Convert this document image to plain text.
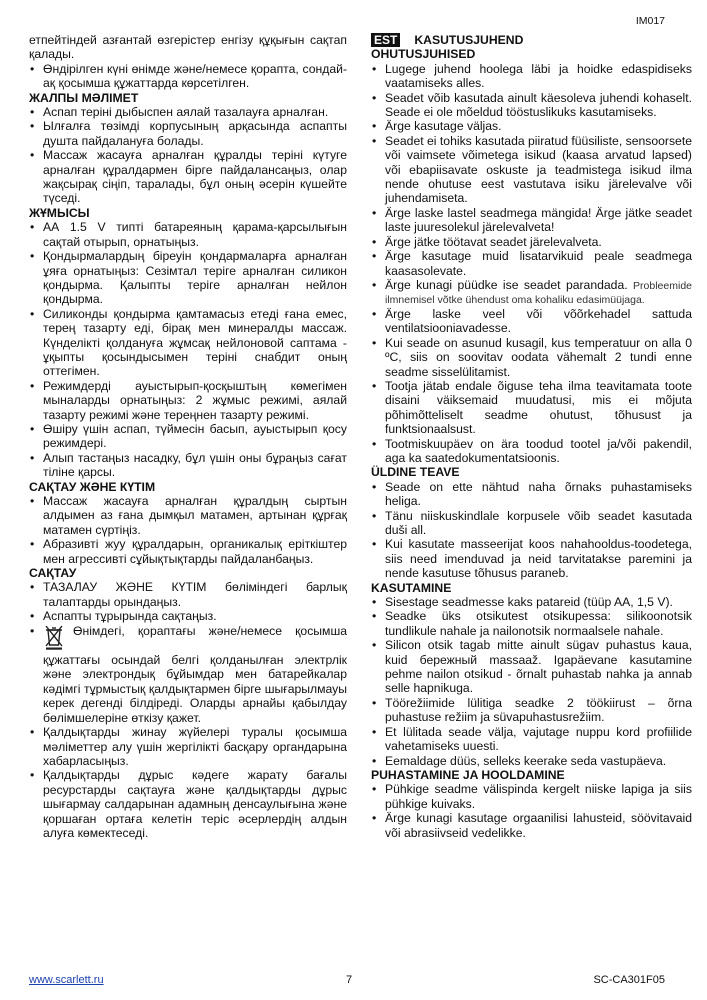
IM017
етпейтіндей азғантай өзгерістер енгізу құқығын сақтап қалады.
• Өндірілген күні өнімде және/немесе қорапта, сондай-ақ қосымша құжаттарда көрсетілген.
ЖАЛПЫ МӘЛІМЕТ
• Аспап теріні дыбыспен аялай тазалауға арналған.
• Ылғалға төзімді корпусының арқасында аспапты душта пайдалануға болады.
• Массаж жасауға арналған құралды теріні күтуге арналған құралдармен бірге пайдалансаңыз, олар жақсырақ сіңіп, таралады, бұл оның әсерін күшейте түседі.
ЖҰМЫСЫ
• АА 1.5 V типті батареяның қарама-қарсылығын сақтай отырып, орнатыңыз.
• Қондырмалардың біреуін қондармаларға арналған ұяға орнатыңыз: Сезімтал теріге арналған силикон қондырма. Қалыпты теріге арналған нейлон қондырма.
• Силиконды қондырма қамтамасыз етеді ғана емес, терең тазарту еді, бірақ мен минералды массаж. Күнделікті қолдануға жұмсақ нейлоновой саптама - ұқыпты қосындысымен теріні снабдит оның оттегімен.
• Режимдерді ауыстырып-қосқыштың көмегімен мыналарды орнатыңыз: 2 жұмыс режимі, аялай тазарту режимі және тереңнен тазарту режимі.
• Өшіру үшін аспап, түймесін басып, ауыстырып қосу режимдері.
• Алып тастаңыз насадку, бұл үшін оны бұраңыз сағат тіліне қарсы.
САҚТАУ ЖӘНЕ КҮТІМ
• Массаж жасауға арналған құралдың сыртын алдымен аз ғана дымқыл матамен, артынан құрғақ матамен сүртіңіз.
• Абразивті жуу құралдарын, органикалық еріткіштер мен агрессивті сұйықтықтарды пайдаланбаңыз.
САҚТАУ
• ТАЗАЛАУ ЖӘНЕ КҮТІМ бөліміндегі барлық талаптарды орындаңыз.
• Аспапты тұрырында сақтаңыз.
• Өнімдегі, қораптағы және/немесе қосымша құжаттағы осындай белгі қолданылған электрлік және электрондық бұйымдар мен батарейкалар кәдімгі тұрмыстық қалдықтармен бірге шығарылмауы керек дегенді білдіреді. Оларды арнайы қабылдау бөлімшелеріне өткізу қажет.
• Қалдықтарды жинау жүйелері туралы қосымша мәліметтер алу үшін жергілікті басқару органдарына хабарласыңыз.
• Қалдықтарды дұрыс кәдеге жарату бағалы ресурстарды сақтауға және қалдықтарды дұрыс шығармау салдарынан адамның денсаулығына және қоршаған ортаға келетін теріс әсерлердің алдын алуға көмектеседі.
EST KASUTUSJUHEND
OHUTUSJUHISED
• Lugege juhend hoolega läbi ja hoidke edaspidiseks vaatamiseks alles.
• Seadet võib kasutada ainult käesoleva juhendi kohaselt. Seade ei ole mõeldud tööstuslikuks kasutamiseks.
• Ärge kasutage väljas.
• Seadet ei tohiks kasutada piiratud füüsiliste, sensoorsete või vaimsete võimetega isikud (kaasa arvatud lapsed) või ebapiisavate oskuste ja teadmistega isikud ilma nende ohutuse eest vastutava isiku järelevalve või juhendamiseta.
• Ärge laske lastel seadmega mängida! Ärge jätke seadet laste juuresolekul järelevalveta!
• Ärge jätke töötavat seadet järelevalveta.
• Ärge kasutage muid lisatarvikuid peale seadmega kaasasolevate.
• Ärge kunagi püüdke ise seadet parandada. Probleemide ilmnemisel võtke ühendust oma kohaliku edasimüüjaga.
• Ärge laske veel või võõrkehadel sattuda ventilatsiooniavadesse.
• Kui seade on asunud kusagil, kus temperatuur on alla 0 ºC, siis on soovitav oodata vähemalt 2 tundi enne seadme sisselülitamist.
• Tootja jätab endale õiguse teha ilma teavitamata toote disaini väiksemaid muudatusi, mis ei mõjuta põhimõtteliselt seadme ohutust, tõhusust ja funktsionaalsust.
• Tootmiskuupäev on ära toodud tootel ja/või pakendil, aga ka saatedokumentatsioonis.
ÜLDINE TEAVE
• Seade on ette nähtud naha õrnaks puhastamiseks heliga.
• Tänu niiskuskindlale korpusele võib seadet kasutada duši all.
• Kui kasutate masseerijat koos nahahooldus-toodetega, siis need imenduvad ja neid tarvitatakse paremini ja nende kasutuse tõhusus paraneb.
KASUTAMINE
• Sisestage seadmesse kaks patareid (tüüp AA, 1,5 V).
• Seadke üks otsikutest otsikupessa: silikoonotsik tundlikule nahale ja nailonotsik normaalsele nahale.
• Silicon otsik tagab mitte ainult sügav puhastus kaua, kuid бережный massaaž. Igapäevane kasutamine pehme nailon otsikud - õrnalt puhastab nahka ja annab selle hapnikuga.
• Töörežiimide lülitiga seadke 2 töökiirust – õrna puhastuse režiim ja süvapuhastusrežiim.
• Et lülitada seade välja, vajutage nuppu kord profiilide vahetamiseks uuesti.
• Eemaldage düüs, selleks keerake seda vastupäeva.
PUHASTAMINE JA HOOLDAMINE
• Pühkige seadme välispinda kergelt niiske lapiga ja siis pühkige kuivaks.
• Ärge kunagi kasutage orgaanilisi lahusteid, söövitavaid või abrasiivseid vedelikke.
www.scarlett.ru	7	SC-CA301F05
